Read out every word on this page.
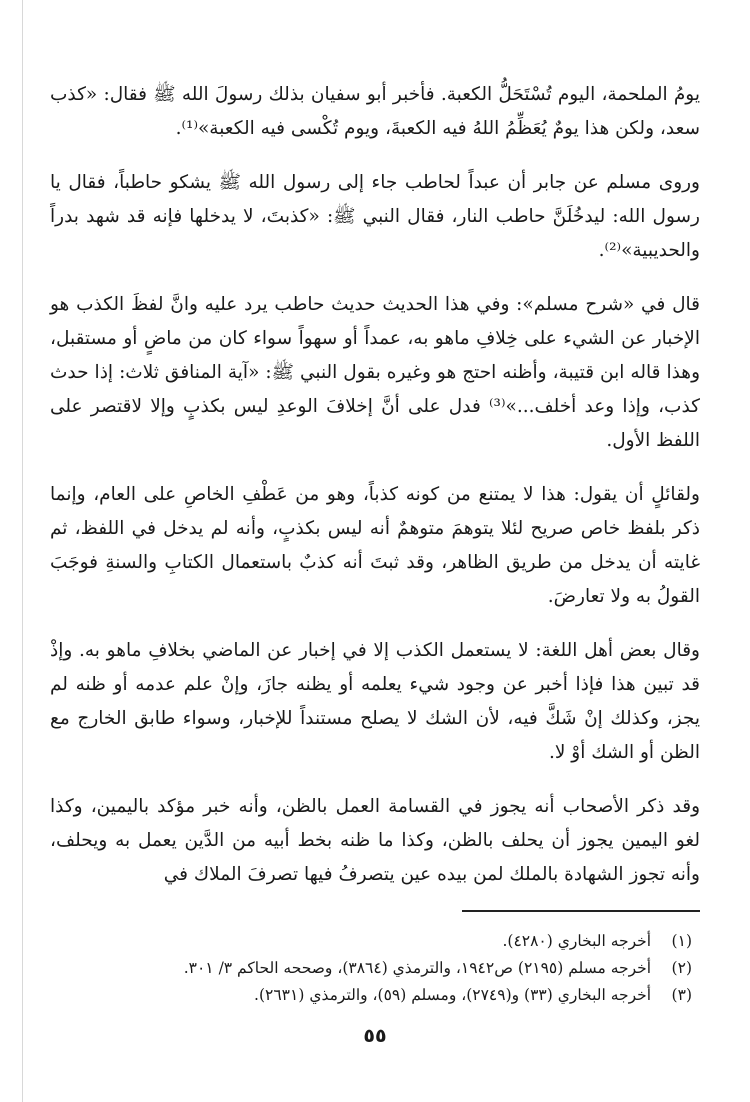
يومُ الملحمة، اليوم تُسْتَحَلُّ الكعبة. فأخبر أبو سفيان بذلك رسولَ الله ﷺ فقال: «كذب سعد، ولكن هذا يومٌ يُعَظِّمُ اللهُ فيه الكعبةَ، ويوم تُكْسى فيه الكعبة»⁽¹⁾.

وروى مسلم عن جابر أن عبداً لحاطب جاء إلى رسول الله ﷺ يشكو حاطباً، فقال يا رسول الله: ليدخُلَنَّ حاطب النار، فقال النبي ﷺ: «كذبتَ، لا يدخلها فإنه قد شهد بدراً والحديبية»⁽²⁾.

قال في «شرح مسلم»: وفي هذا الحديث حديث حاطب يرد عليه وانَّ لفظَ الكذب هو الإخبار عن الشيء على خِلافِ ماهو به، عمداً أو سهواً سواء كان من ماضٍ أو مستقبل، وهذا قاله ابن قتيبة، وأظنه احتج هو وغيره بقول النبي ﷺ: «آية المنافق ثلاث: إذا حدث كذب، وإذا وعد أخلف...»⁽³⁾ فدل على أنَّ إخلافَ الوعدِ ليس بكذبٍ وإلا لاقتصر على اللفظ الأول.

ولقائلٍ أن يقول: هذا لا يمتنع من كونه كذباً، وهو من عَطْفِ الخاصِ على العام، وإنما ذكر بلفظ خاص صريح لئلا يتوهمَ متوهمٌ أنه ليس بكذبٍ، وأنه لم يدخل في اللفظ، ثم غايته أن يدخل من طريق الظاهر، وقد ثبتَ أنه كذبٌ باستعمال الكتابِ والسنةِ فوجَبَ القولُ به ولا تعارضَ.

وقال بعض أهل اللغة: لا يستعمل الكذب إلا في إخبار عن الماضي بخلافِ ماهو به. وإذْ قد تبين هذا فإذا أخبر عن وجود شيء يعلمه أو يظنه جازَ، وإنْ علم عدمه أو ظنه لم يجز، وكذلك إنْ شَكَّ فيه، لأن الشك لا يصلح مستنداً للإخبار، وسواء طابق الخارج مع الظن أو الشك أوْ لا.

وقد ذكر الأصحاب أنه يجوز في القسامة العمل بالظن، وأنه خبر مؤكد باليمين، وكذا لغو اليمين يجوز أن يحلف بالظن، وكذا ما ظنه بخط أبيه من الدَّين يعمل به ويحلف، وأنه تجوز الشهادة بالملك لمن بيده عين يتصرفُ فيها تصرفَ الملاك في

(١) أخرجه البخاري (٤٢٨٠).

(٢) أخرجه مسلم (٢١٩٥) ص١٩٤٢، والترمذي (٣٨٦٤)، وصححه الحاكم ٣/ ٣٠١.

(٣) أخرجه البخاري (٣٣) و(٢٧٤٩)، ومسلم (٥٩)، والترمذي (٢٦٣١).

٥٥
